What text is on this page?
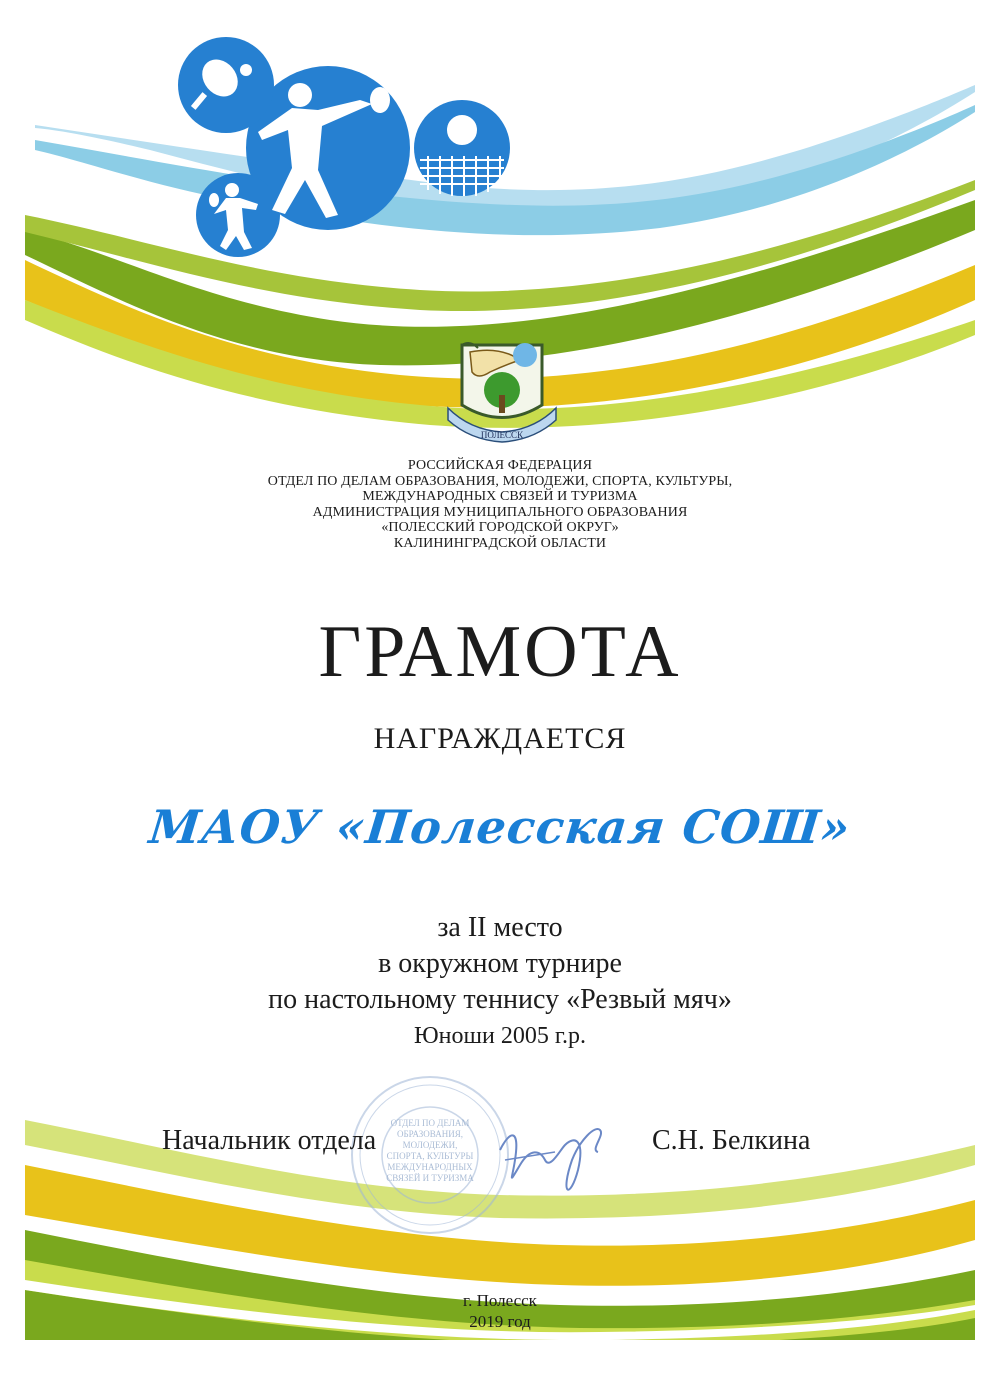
ПОЛЕССК
РОССИЙСКАЯ ФЕДЕРАЦИЯ
ОТДЕЛ ПО ДЕЛАМ ОБРАЗОВАНИЯ, МОЛОДЕЖИ, СПОРТА, КУЛЬТУРЫ,
МЕЖДУНАРОДНЫХ СВЯЗЕЙ И ТУРИЗМА
АДМИНИСТРАЦИЯ МУНИЦИПАЛЬНОГО ОБРАЗОВАНИЯ
«ПОЛЕССКИЙ ГОРОДСКОЙ ОКРУГ»
КАЛИНИНГРАДСКОЙ ОБЛАСТИ
ГРАМОТА
НАГРАЖДАЕТСЯ
МАОУ «Полесская СОШ»
за II место
в окружном турнире
по настольному теннису «Резвый мяч»
Юноши 2005 г.р.
ОТДЕЛ ПО ДЕЛАМ
ОБРАЗОВАНИЯ,
МОЛОДЕЖИ,
СПОРТА, КУЛЬТУРЫ
МЕЖДУНАРОДНЫХ
СВЯЗЕЙ И ТУРИЗМА
Начальник отдела	С.Н. Белкина
г. Полесск
2019 год
